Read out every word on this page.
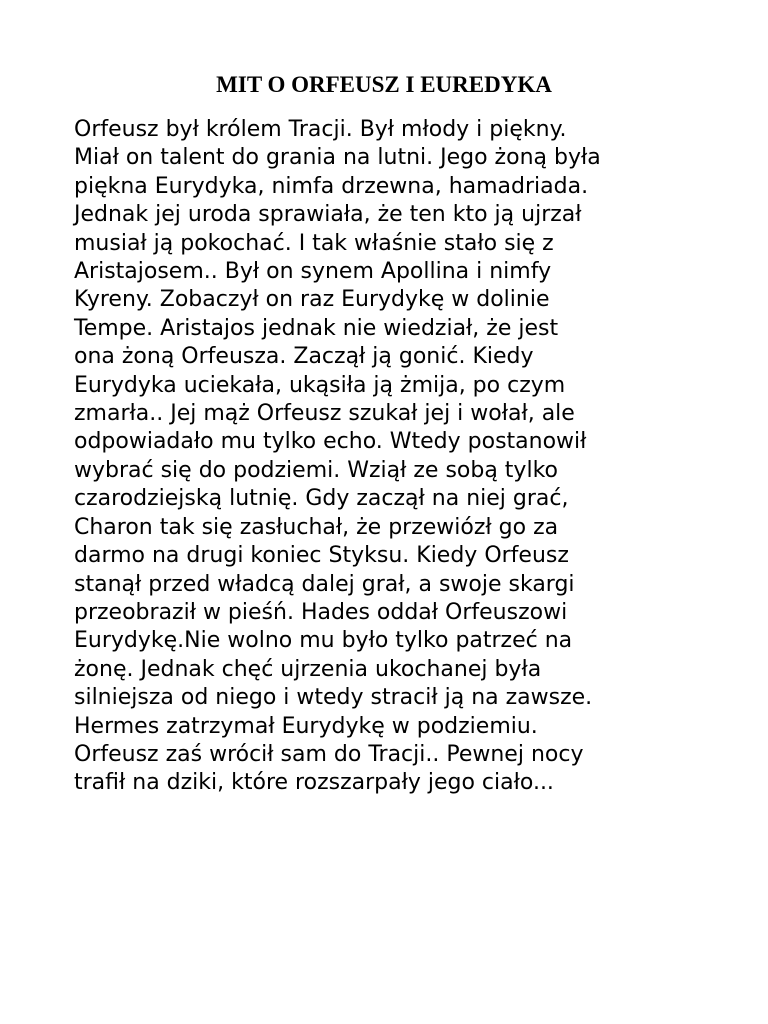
MIT O ORFEUSZ I EUREDYKA
Orfeusz był królem Tracji. Był młody i piękny.
Miał on talent do grania na lutni. Jego żoną była
piękna Eurydyka, nimfa drzewna, hamadriada.
Jednak jej uroda sprawiała, że ten kto ją ujrzał
musiał ją pokochać. I tak właśnie stało się z
Aristajosem.. Był on synem Apollina i nimfy
Kyreny. Zobaczył on raz Eurydykę w dolinie
Tempe. Aristajos jednak nie wiedział, że jest
ona żoną Orfeusza. Zaczął ją gonić. Kiedy
Eurydyka uciekała, ukąsiła ją żmija, po czym
zmarła.. Jej mąż Orfeusz szukał jej i wołał, ale
odpowiadało mu tylko echo. Wtedy postanowił
wybrać się do podziemi. Wziął ze sobą tylko
czarodziejską lutnię. Gdy zaczął na niej grać,
Charon tak się zasłuchał, że przewiózł go za
darmo na drugi koniec Styksu. Kiedy Orfeusz
stanął przed władcą dalej grał, a swoje skargi
przeobraził w pieśń. Hades oddał Orfeuszowi
Eurydykę.Nie wolno mu było tylko patrzeć na
żonę. Jednak chęć ujrzenia ukochanej była
silniejsza od niego i wtedy stracił ją na zawsze.
Hermes zatrzymał Eurydykę w podziemiu.
Orfeusz zaś wrócił sam do Tracji.. Pewnej nocy
trafił na dziki, które rozszarpały jego ciało...
